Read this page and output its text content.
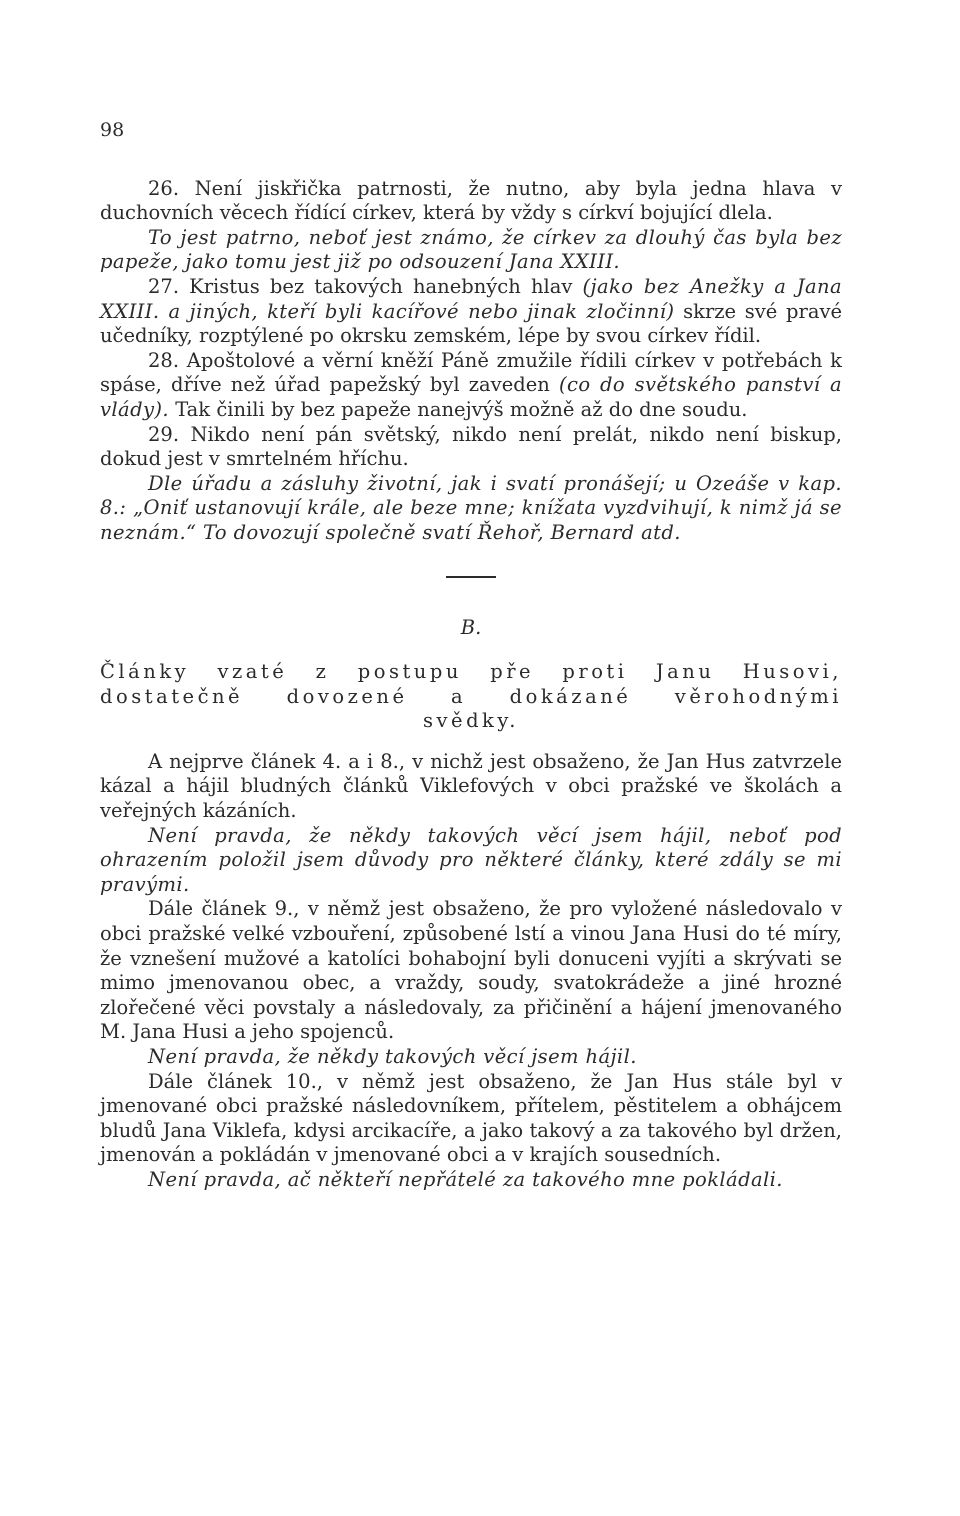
98

26. Není jiskřička patrnosti, že nutno, aby byla jedna hlava v duchovních věcech řídící církev, která by vždy s církví bojující dlela.

To jest patrno, neboť jest známo, že církev za dlouhý čas byla bez papeže, jako tomu jest již po odsouzení Jana XXIII.

27. Kristus bez takových hanebných hlav (jako bez Anežky a Jana XXIII. a jiných, kteří byli kacířové nebo jinak zločinní) skrze své pravé učedníky, rozptýlené po okrsku zemském, lépe by svou církev řídil.

28. Apoštolové a věrní kněží Páně zmužile řídili církev v potřebách k spáse, dříve než úřad papežský byl zaveden (co do světského panství a vlády). Tak činili by bez papeže nanejvýš možně až do dne soudu.

29. Nikdo není pán světský, nikdo není prelát, nikdo není biskup, dokud jest v smrtelném hříchu.

Dle úřadu a zásluhy životní, jak i svatí pronášejí; u Ozeáše v kap. 8.: „Oniť ustanovují krále, ale beze mne; knížata vyzdvihují, k nimž já se neznám.“ To dovozují společně svatí Řehoř, Bernard atd.

B.
Články vzaté z postupu pře proti Janu Husovi, dostatečně dovozené a dokázané věrohodnými svědky.

A nejprve článek 4. a i 8., v nichž jest obsaženo, že Jan Hus zatvrzele kázal a hájil bludných článků Viklefových v obci pražské ve školách a veřejných kázáních.

Není pravda, že někdy takových věcí jsem hájil, neboť pod ohrazením položil jsem důvody pro některé články, které zdály se mi pravými.

Dále článek 9., v němž jest obsaženo, že pro vyložené následovalo v obci pražské velké vzbouření, způsobené lstí a vinou Jana Husi do té míry, že vznešení mužové a katolíci bohabojní byli donuceni vyjíti a skrývati se mimo jmenovanou obec, a vraždy, soudy, svatokrádeže a jiné hrozné zlořečené věci povstaly a následovaly, za přičinění a hájení jmenovaného M. Jana Husi a jeho spojenců.

Není pravda, že někdy takových věcí jsem hájil.

Dále článek 10., v němž jest obsaženo, že Jan Hus stále byl v jmenované obci pražské následovníkem, přítelem, pěstitelem a obhájcem bludů Jana Viklefa, kdysi arcikacíře, a jako takový a za takového byl držen, jmenován a pokládán v jmenované obci a v krajích sousedních.

Není pravda, ač někteří nepřátelé za takového mne pokládali.
